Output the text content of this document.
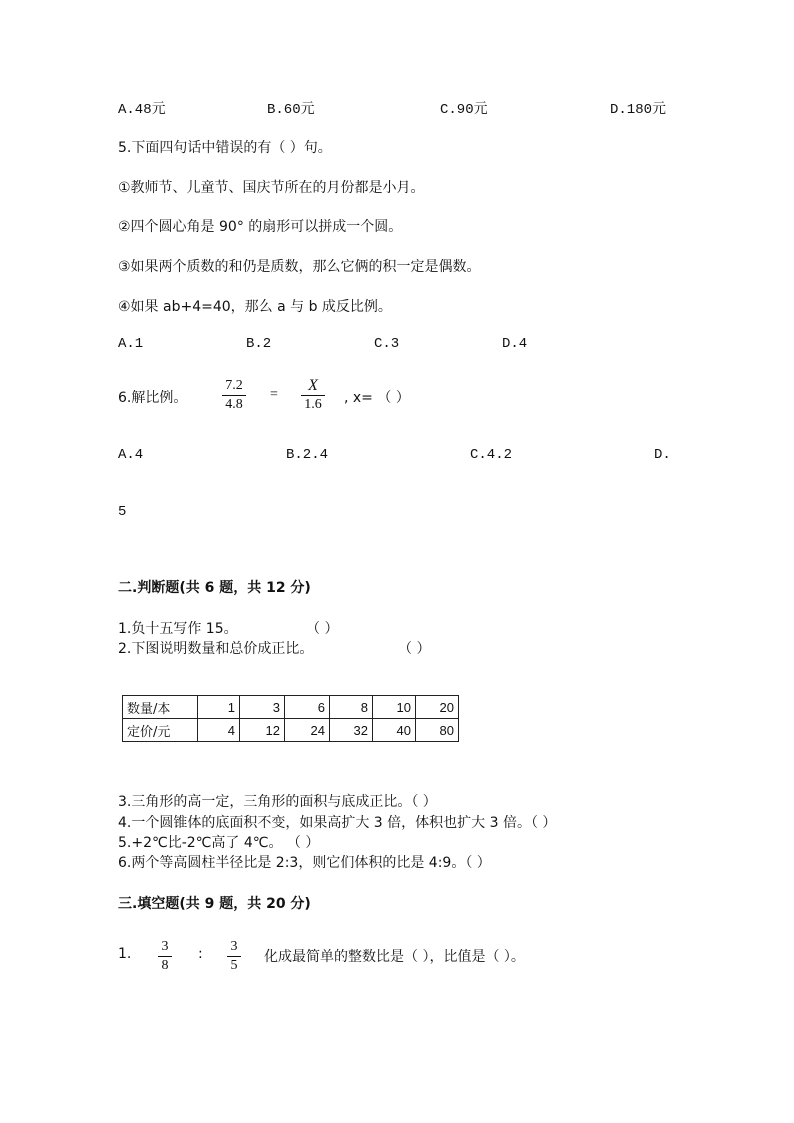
A.48元	B.60元	C.90元	D.180元
5.下面四句话中错误的有（ ）句。
①教师节、儿童节、国庆节所在的月份都是小月。
②四个圆心角是 90° 的扇形可以拼成一个圆。
③如果两个质数的和仍是质数，那么它俩的积一定是偶数。
④如果 ab+4=40，那么 a 与 b 成反比例。
A.1	B.2	C.3	D.4
6.解比例。
7.2
4.8
=
X
1.6 , x= （ ）
A.4	B.2.4	C.4.2	D.
5
二.判断题(共 6 题，共 12 分)
1.负十五写作 15。	（ ）
2.下图说明数量和总价成正比。	（ ）
数量/本	1	3	6	8	10	20
定价/元	4	12	24	32	40	80
3.三角形的高一定，三角形的面积与底成正比。（ ）
4.一个圆锥体的底面积不变，如果高扩大 3 倍，体积也扩大 3 倍。（ ）
5.+2℃比-2℃高了 4℃。 （ ）
6.两个等高圆柱半径比是 2:3，则它们体积的比是 4:9。（ ）
三.填空题(共 9 题，共 20 分)
1. 3
8
: 3
5
化成最简单的整数比是（ ），比值是（ ）。
